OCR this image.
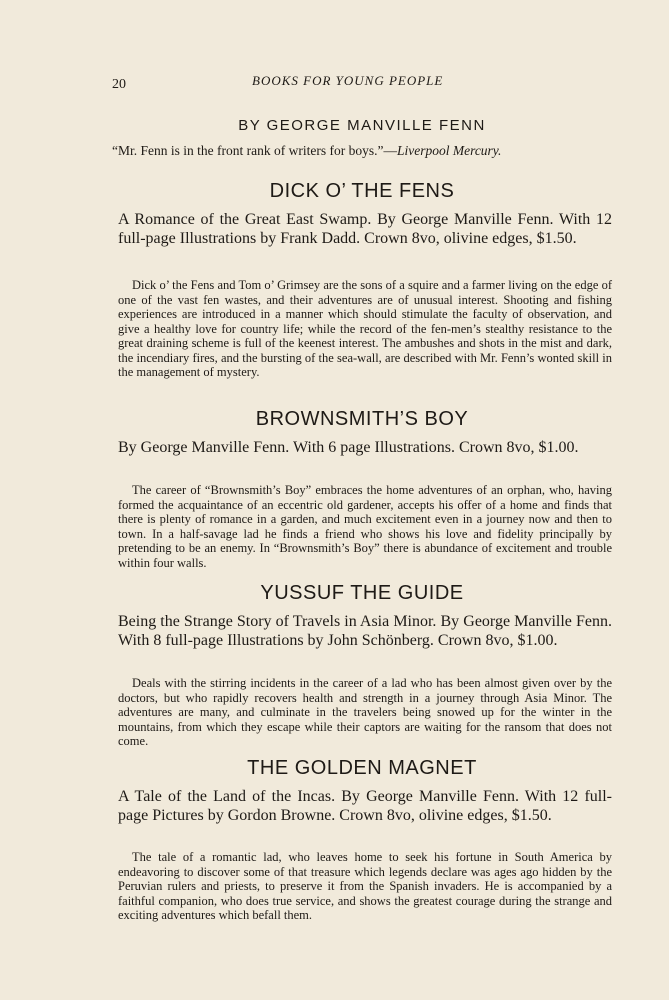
20	BOOKS FOR YOUNG PEOPLE
BY GEORGE MANVILLE FENN
“Mr. Fenn is in the front rank of writers for boys.”—Liverpool Mercury.
DICK O’ THE FENS
A Romance of the Great East Swamp. By George Manville Fenn. With 12 full-page Illustrations by Frank Dadd. Crown 8vo, olivine edges, $1.50.
Dick o’ the Fens and Tom o’ Grimsey are the sons of a squire and a farmer living on the edge of one of the vast fen wastes, and their adventures are of unusual interest. Shooting and fishing experiences are introduced in a manner which should stimulate the faculty of observation, and give a healthy love for country life; while the record of the fen-men’s stealthy resistance to the great draining scheme is full of the keenest interest. The ambushes and shots in the mist and dark, the incendiary fires, and the bursting of the sea-wall, are described with Mr. Fenn’s wonted skill in the management of mystery.
BROWNSMITH’S BOY
By George Manville Fenn. With 6 page Illustrations. Crown 8vo, $1.00.
The career of “Brownsmith’s Boy” embraces the home adventures of an orphan, who, having formed the acquaintance of an eccentric old gardener, accepts his offer of a home and finds that there is plenty of romance in a garden, and much excitement even in a journey now and then to town. In a half-savage lad he finds a friend who shows his love and fidelity principally by pretending to be an enemy. In “Brownsmith’s Boy” there is abundance of excitement and trouble within four walls.
YUSSUF THE GUIDE
Being the Strange Story of Travels in Asia Minor. By George Manville Fenn. With 8 full-page Illustrations by John Schönberg. Crown 8vo, $1.00.
Deals with the stirring incidents in the career of a lad who has been almost given over by the doctors, but who rapidly recovers health and strength in a journey through Asia Minor. The adventures are many, and culminate in the travelers being snowed up for the winter in the mountains, from which they escape while their captors are waiting for the ransom that does not come.
THE GOLDEN MAGNET
A Tale of the Land of the Incas. By George Manville Fenn. With 12 full-page Pictures by Gordon Browne. Crown 8vo, olivine edges, $1.50.
The tale of a romantic lad, who leaves home to seek his fortune in South America by endeavoring to discover some of that treasure which legends declare was ages ago hidden by the Peruvian rulers and priests, to preserve it from the Spanish invaders. He is accompanied by a faithful companion, who does true service, and shows the greatest courage during the strange and exciting adventures which befall them.
